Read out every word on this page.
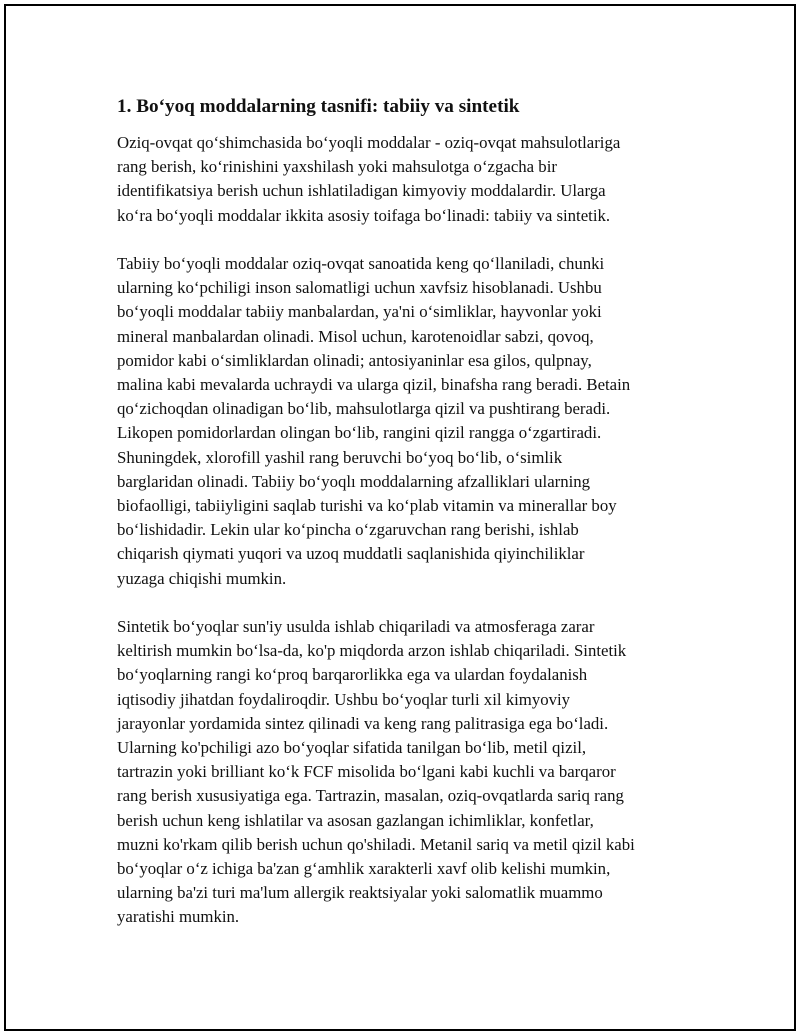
1. Bo‘yoq moddalarning tasnifi: tabiiy va sintetik

Oziq-ovqat qo‘shimchasida bo‘yoqli moddalar - oziq-ovqat mahsulotlariga
rang berish, ko‘rinishini yaxshilash yoki mahsulotga o‘zgacha bir
identifikatsiya berish uchun ishlatiladigan kimyoviy moddalardir. Ularga
ko‘ra bo‘yoqli moddalar ikkita asosiy toifaga bo‘linadi: tabiiy va sintetik.

Tabiiy bo‘yoqli moddalar oziq-ovqat sanoatida keng qo‘llaniladi, chunki
ularning ko‘pchiligi inson salomatligi uchun xavfsiz hisoblanadi. Ushbu
bo‘yoqli moddalar tabiiy manbalardan, ya'ni o‘simliklar, hayvonlar yoki
mineral manbalardan olinadi. Misol uchun, karotenoidlar sabzi, qovoq,
pomidor kabi o‘simliklardan olinadi; antosiyaninlar esa gilos, qulpnay,
malina kabi mevalarda uchraydi va ularga qizil, binafsha rang beradi. Betain
qo‘zichoqdan olinadigan bo‘lib, mahsulotlarga qizil va pushtirang beradi.
Likopen pomidorlardan olingan bo‘lib, rangini qizil rangga o‘zgartiradi.
Shuningdek, xlorofill yashil rang beruvchi bo‘yoq bo‘lib, o‘simlik
barglaridan olinadi. Tabiiy bo‘yoqlı moddalarning afzalliklari ularning
biofaolligi, tabiiyligini saqlab turishi va ko‘plab vitamin va minerallar boy
bo‘lishidadir. Lekin ular ko‘pincha o‘zgaruvchan rang berishi, ishlab
chiqarish qiymati yuqori va uzoq muddatli saqlanishida qiyinchiliklar
yuzaga chiqishi mumkin.

Sintetik bo‘yoqlar sun'iy usulda ishlab chiqariladi va atmosferaga zarar
keltirish mumkin bo‘lsa-da, ko'p miqdorda arzon ishlab chiqariladi. Sintetik
bo‘yoqlarning rangi ko‘proq barqarorlikka ega va ulardan foydalanish
iqtisodiy jihatdan foydaliroqdir. Ushbu bo‘yoqlar turli xil kimyoviy
jarayonlar yordamida sintez qilinadi va keng rang palitrasiga ega bo‘ladi.
Ularning ko'pchiligi azo bo‘yoqlar sifatida tanilgan bo‘lib, metil qizil,
tartrazin yoki brilliant ko‘k FCF misolida bo‘lgani kabi kuchli va barqaror
rang berish xususiyatiga ega. Tartrazin, masalan, oziq-ovqatlarda sariq rang
berish uchun keng ishlatilar va asosan gazlangan ichimliklar, konfetlar,
muzni ko'rkam qilib berish uchun qo'shiladi. Metanil sariq va metil qizil kabi
bo‘yoqlar o‘z ichiga ba'zan g‘amhlik xarakterli xavf olib kelishi mumkin,
ularning ba'zi turi ma'lum allergik reaktsiyalar yoki salomatlik muammo
yaratishi mumkin.
